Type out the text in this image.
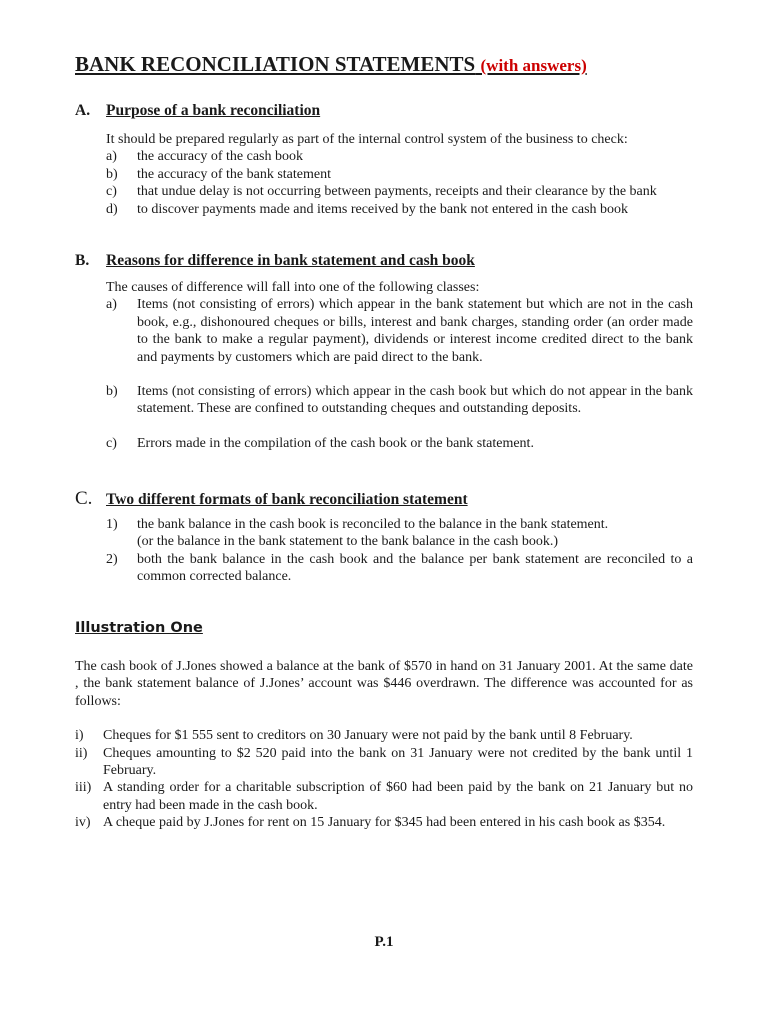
BANK RECONCILIATION STATEMENTS (with answers)
A. Purpose of a bank reconciliation
It should be prepared regularly as part of the internal control system of the business to check:
a)	the accuracy of the cash book
b)	the accuracy of the bank statement
c)	that undue delay is not occurring between payments, receipts and their clearance by the bank
d)	to discover payments made and items received by the bank not entered in the cash book
B. Reasons for difference in bank statement and cash book
The causes of difference will fall into one of the following classes:
a)	Items (not consisting of errors) which appear in the bank statement but which are not in the cash book, e.g., dishonoured cheques or bills, interest and bank charges, standing order (an order made to the bank to make a regular payment), dividends or interest income credited direct to the bank and payments by customers which are paid direct to the bank.
b)	Items (not consisting of errors) which appear in the cash book but which do not appear in the bank statement. These are confined to outstanding cheques and outstanding deposits.
c)	Errors made in the compilation of the cash book or the bank statement.
C. Two different formats of bank reconciliation statement
1)	the bank balance in the cash book is reconciled to the balance in the bank statement.
(or the balance in the bank statement to the bank balance in the cash book.)
2)	both the bank balance in the cash book and the balance per bank statement are reconciled to a common corrected balance.
Illustration One
The cash book of J.Jones showed a balance at the bank of $570 in hand on 31 January 2001. At the same date , the bank statement balance of J.Jones’ account was $446 overdrawn. The difference was accounted for as follows:
i)	Cheques for $1 555 sent to creditors on 30 January were not paid by the bank until 8 February.
ii)	Cheques amounting to $2 520 paid into the bank on 31 January were not credited by the bank until 1 February.
iii) A standing order for a charitable subscription of $60 had been paid by the bank on 21 January but no entry had been made in the cash book.
iv) A cheque paid by J.Jones for rent on 15 January for $345 had been entered in his cash book as $354.
P.1
